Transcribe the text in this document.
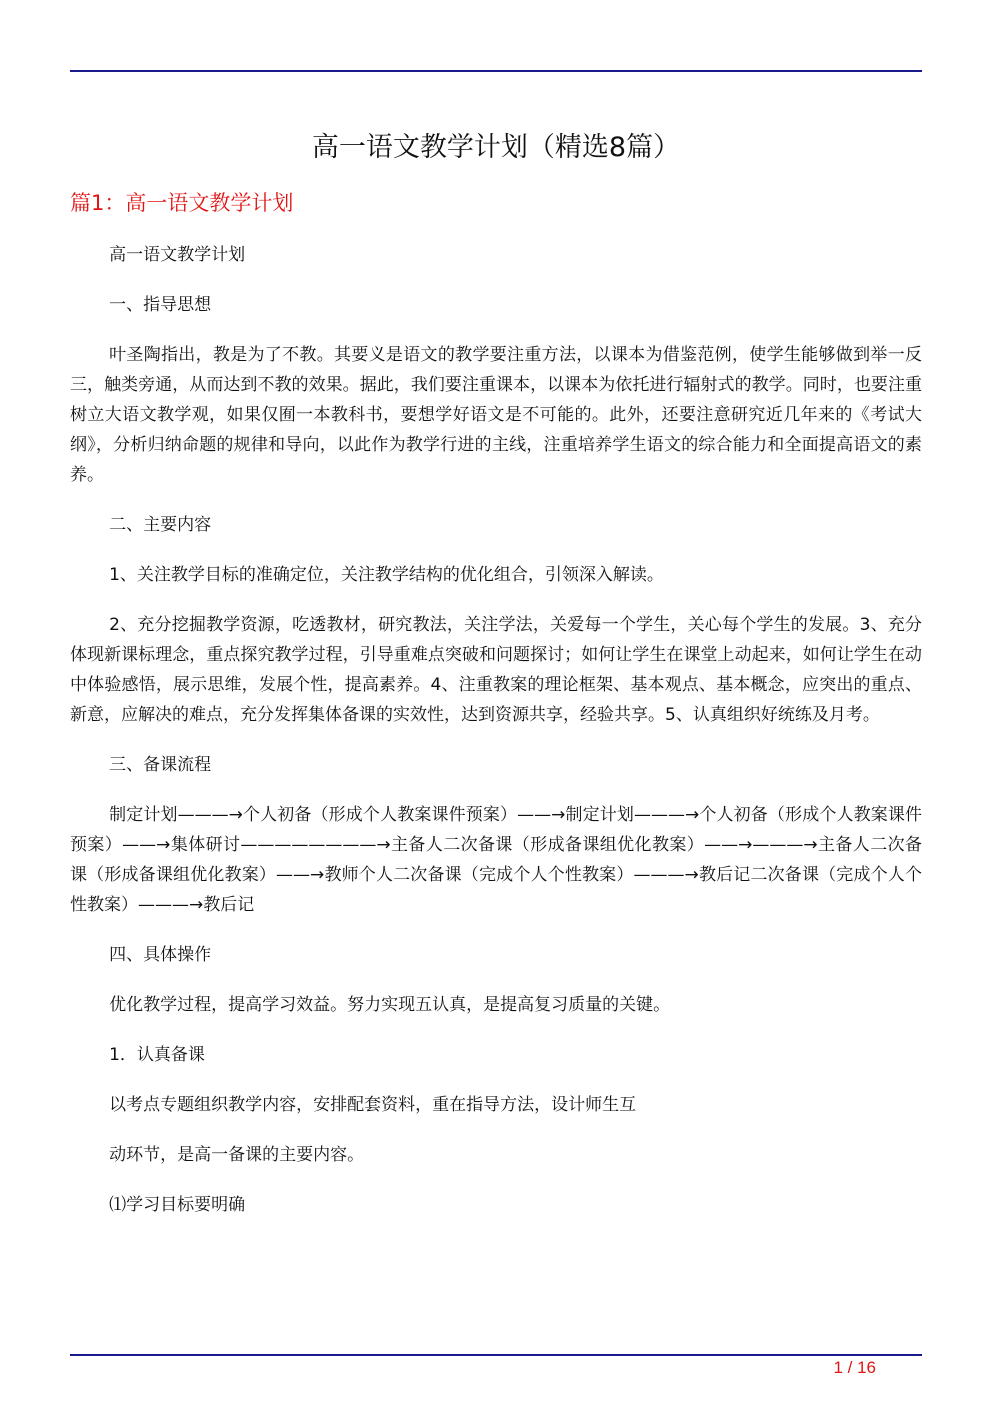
高一语文教学计划（精选8篇）
篇1：高一语文教学计划

高一语文教学计划

一、指导思想

叶圣陶指出，教是为了不教。其要义是语文的教学要注重方法，以课本为借鉴范例，使学生能够做到举一反三，触类旁通，从而达到不教的效果。据此，我们要注重课本，以课本为依托进行辐射式的教学。同时，也要注重树立大语文教学观，如果仅囿一本教科书，要想学好语文是不可能的。此外，还要注意研究近几年来的《考试大纲》，分析归纳命题的规律和导向，以此作为教学行进的主线，注重培养学生语文的综合能力和全面提高语文的素养。

二、主要内容

1、关注教学目标的准确定位，关注教学结构的优化组合，引领深入解读。

2、充分挖掘教学资源，吃透教材，研究教法，关注学法，关爱每一个学生，关心每个学生的发展。3、充分体现新课标理念，重点探究教学过程，引导重难点突破和问题探讨；如何让学生在课堂上动起来，如何让学生在动中体验感悟，展示思维，发展个性，提高素养。4、注重教案的理论框架、基本观点、基本概念，应突出的重点、新意，应解决的难点，充分发挥集体备课的实效性，达到资源共享，经验共享。5、认真组织好统练及月考。

三、备课流程

制定计划———→个人初备（形成个人教案课件预案）——→制定计划———→个人初备（形成个人教案课件预案）——→集体研讨————————→主备人二次备课（形成备课组优化教案）——→———→主备人二次备课（形成备课组优化教案）——→教师个人二次备课（完成个人个性教案）———→教后记二次备课（完成个人个性教案）———→教后记

四、具体操作

优化教学过程，提高学习效益。努力实现五认真，是提高复习质量的关键。

1．认真备课

以考点专题组织教学内容，安排配套资料，重在指导方法，设计师生互

动环节，是高一备课的主要内容。

⑴学习目标要明确

1 / 16
